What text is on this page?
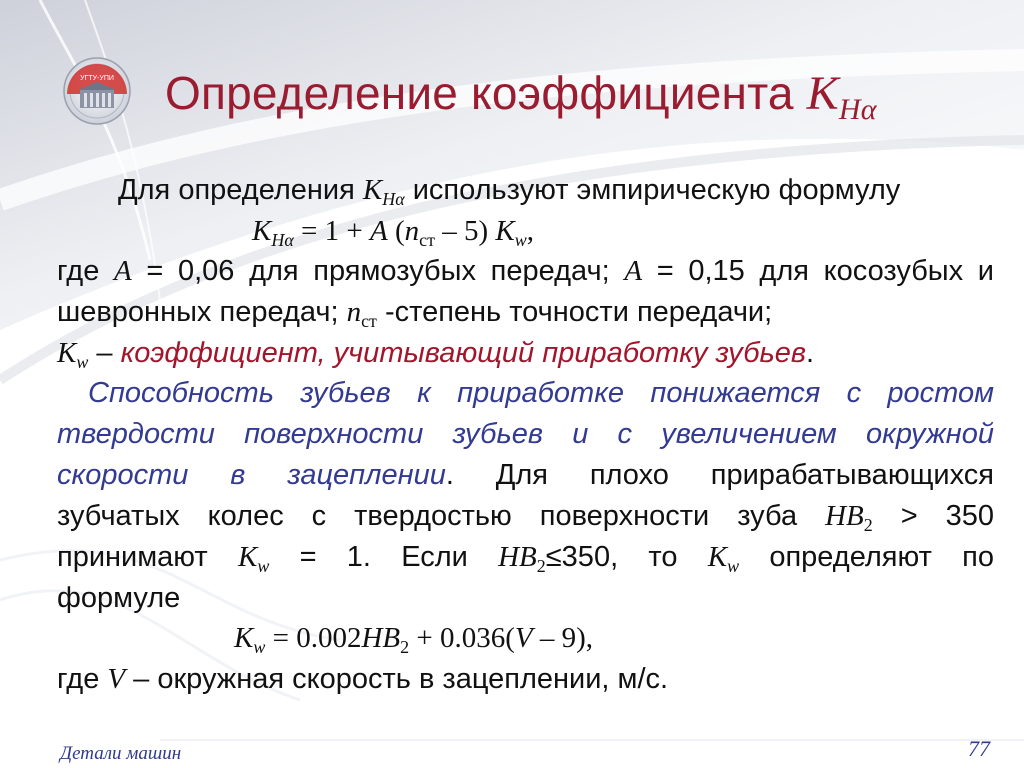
УГТУ-УПИ Определение коэффициента $K_{H\alpha}$
Для определения $K_{H\alpha}$ используют эмпирическую формулу
$K_{H\alpha} = 1 + A$ $(n_{ст} - 5)$ $K_w$,
где A = 0,06 для прямозубых передач; A = 0,15 для косозубых и
шевронных передач; $n_{ст}$ -степень точности передачи;
$K_w$ – коэффициент, учитывающий приработку зубьев.
Способность зубьев к приработке понижается с ростом
твердости поверхности зубьев и с увеличением окружной
скорости в зацеплении. Для плохо прирабатывающихся
зубчатых колес с твердостью поверхности зуба $HB_2 > 350$
принимают $K_w = 1$. Если $HB_2\le 350$, то $K_w$ определяют по
формуле
$K_w = 0.002HB_2 + 0.036(V - 9)$,
где V – окружная скорость в зацеплении, м/с.
Детали машин	77
